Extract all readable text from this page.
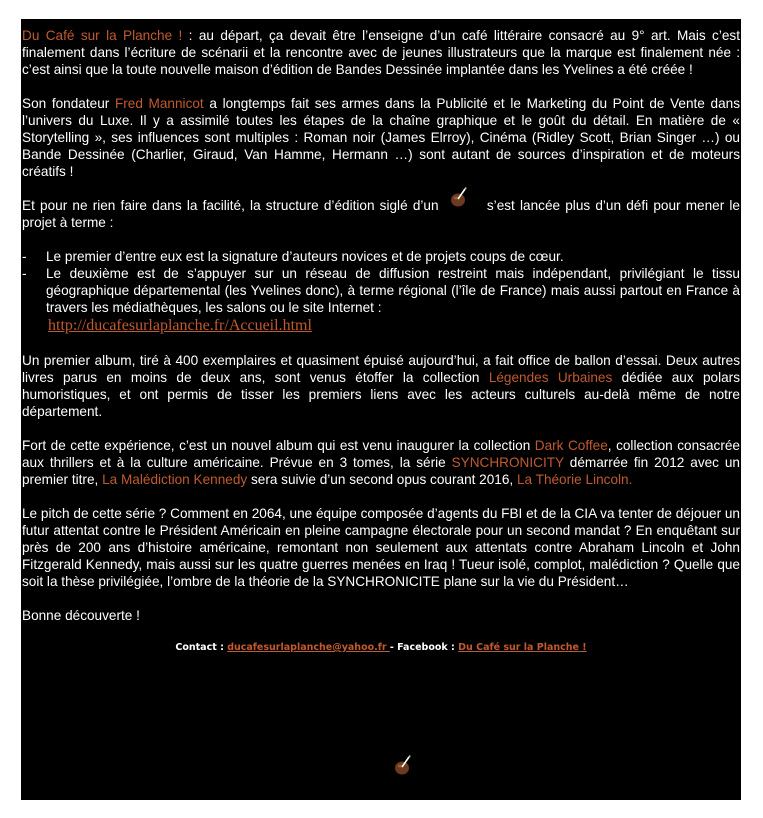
Du Café sur la Planche ! : au départ, ça devait être l’enseigne d’un café littéraire consacré au 9° art. Mais c’est finalement dans l’écriture de scénarii et la rencontre avec de jeunes illustrateurs que la marque est finalement née : c’est ainsi que la toute nouvelle maison d’édition de Bandes Dessinée implantée dans les Yvelines a été créée !

Son fondateur Fred Mannicot a longtemps fait ses armes dans la Publicité et le Marketing du Point de Vente dans l’univers du Luxe. Il y a assimilé toutes les étapes de la chaîne graphique et le goût du détail. En matière de « Storytelling », ses influences sont multiples : Roman noir (James Elrroy), Cinéma (Ridley Scott, Brian Singer …) ou Bande Dessinée (Charlier, Giraud, Van Hamme, Hermann …) sont autant de sources d’inspiration et de moteurs créatifs !

Et pour ne rien faire dans la facilité, la structure d’édition siglé d’un	s’est lancée plus d’un défi pour mener le projet à terme :

- Le premier d’entre eux est la signature d’auteurs novices et de projets coups de cœur.
- Le deuxième est de s’appuyer sur un réseau de diffusion restreint mais indépendant, privilégiant le tissu géographique départemental (les Yvelines donc), à terme régional (l’île de France) mais aussi partout en France à travers les médiathèques, les salons ou le site Internet :
http://ducafesurlaplanche.fr/Accueil.html

Un premier album, tiré à 400 exemplaires et quasiment épuisé aujourd’hui, a fait office de ballon d’essai. Deux autres livres parus en moins de deux ans, sont venus étoffer la collection Légendes Urbaines dédiée aux polars humoristiques, et ont permis de tisser les premiers liens avec les acteurs culturels au-delà même de notre département.

Fort de cette expérience, c’est un nouvel album qui est venu inaugurer la collection Dark Coffee, collection consacrée aux thrillers et à la culture américaine. Prévue en 3 tomes, la série SYNCHRONICITY démarrée fin 2012 avec un premier titre, La Malédiction Kennedy sera suivie d’un second opus courant 2016, La Théorie Lincoln.

Le pitch de cette série ? Comment en 2064, une équipe composée d’agents du FBI et de la CIA va tenter de déjouer un futur attentat contre le Président Américain en pleine campagne électorale pour un second mandat ? En enquêtant sur près de 200 ans d’histoire américaine, remontant non seulement aux attentats contre Abraham Lincoln et John Fitzgerald Kennedy, mais aussi sur les quatre guerres menées en Iraq ! Tueur isolé, complot, malédiction ? Quelle que soit la thèse privilégiée, l’ombre de la théorie de la SYNCHRONICITE plane sur la vie du Président…

Bonne découverte !

Contact : ducafesurlaplanche@yahoo.fr - Facebook : Du Café sur la Planche !
